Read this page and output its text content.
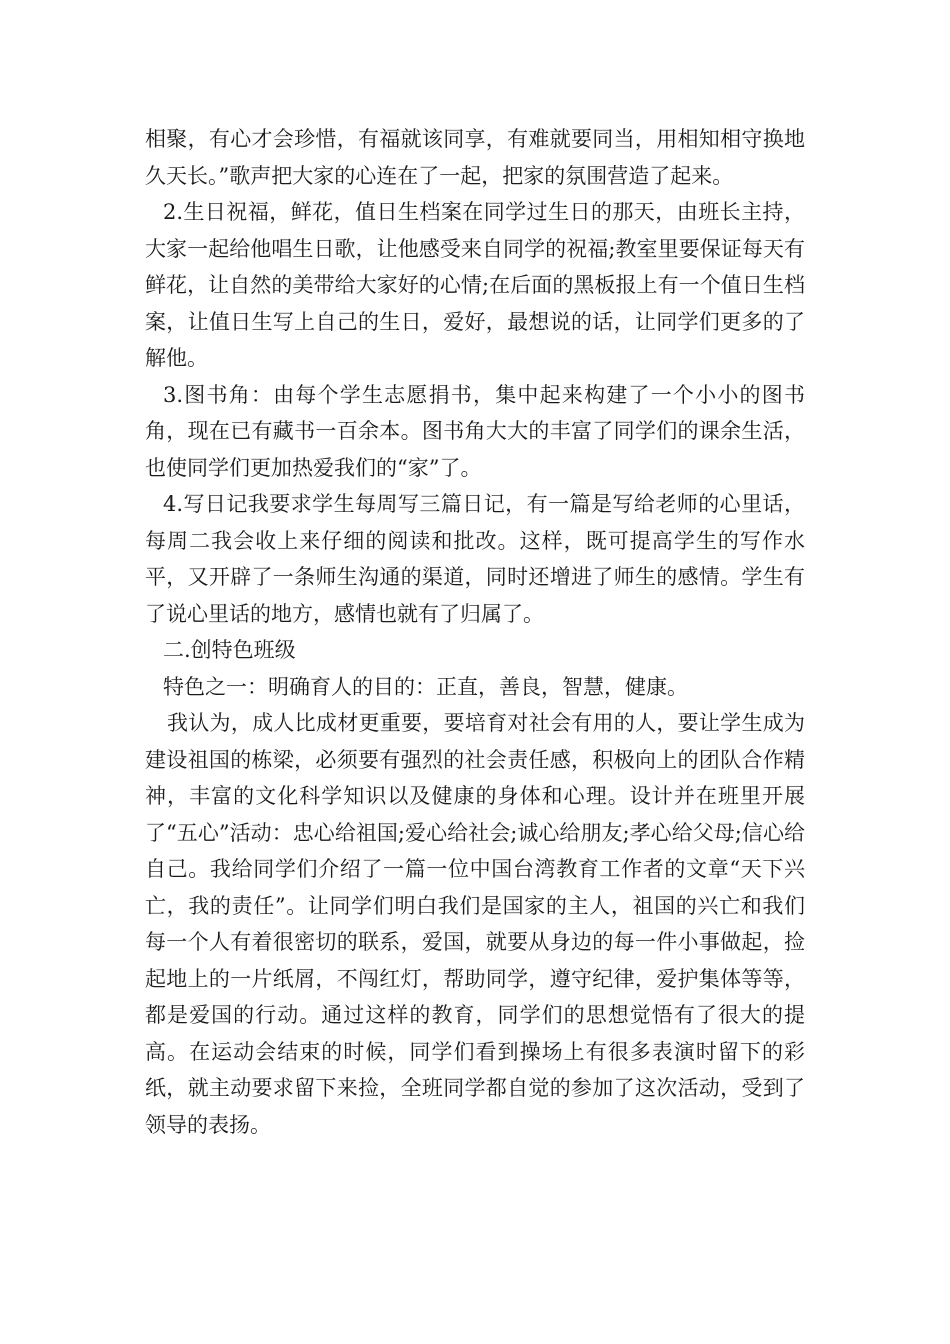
相聚，有心才会珍惜，有福就该同享，有难就要同当，用相知相守换地久天长。”歌声把大家的心连在了一起，把家的氛围营造了起来。

2.生日祝福，鲜花，值日生档案在同学过生日的那天，由班长主持，大家一起给他唱生日歌，让他感受来自同学的祝福;教室里要保证每天有鲜花，让自然的美带给大家好的心情;在后面的黑板报上有一个值日生档案，让值日生写上自己的生日，爱好，最想说的话，让同学们更多的了解他。

3.图书角：由每个学生志愿捐书，集中起来构建了一个小小的图书角，现在已有藏书一百余本。图书角大大的丰富了同学们的课余生活，也使同学们更加热爱我们的“家”了。

4.写日记我要求学生每周写三篇日记，有一篇是写给老师的心里话，每周二我会收上来仔细的阅读和批改。这样，既可提高学生的写作水平，又开辟了一条师生沟通的渠道，同时还增进了师生的感情。学生有了说心里话的地方，感情也就有了归属了。

二.创特色班级

特色之一：明确育人的目的：正直，善良，智慧，健康。

我认为，成人比成材更重要，要培育对社会有用的人，要让学生成为建设祖国的栋梁，必须要有强烈的社会责任感，积极向上的团队合作精神，丰富的文化科学知识以及健康的身体和心理。设计并在班里开展了“五心”活动：忠心给祖国;爱心给社会;诚心给朋友;孝心给父母;信心给自己。我给同学们介绍了一篇一位中国台湾教育工作者的文章“天下兴亡，我的责任”。让同学们明白我们是国家的主人，祖国的兴亡和我们每一个人有着很密切的联系，爱国，就要从身边的每一件小事做起，捡起地上的一片纸屑，不闯红灯，帮助同学，遵守纪律，爱护集体等等，都是爱国的行动。通过这样的教育，同学们的思想觉悟有了很大的提高。在运动会结束的时候，同学们看到操场上有很多表演时留下的彩纸，就主动要求留下来捡，全班同学都自觉的参加了这次活动，受到了领导的表扬。
